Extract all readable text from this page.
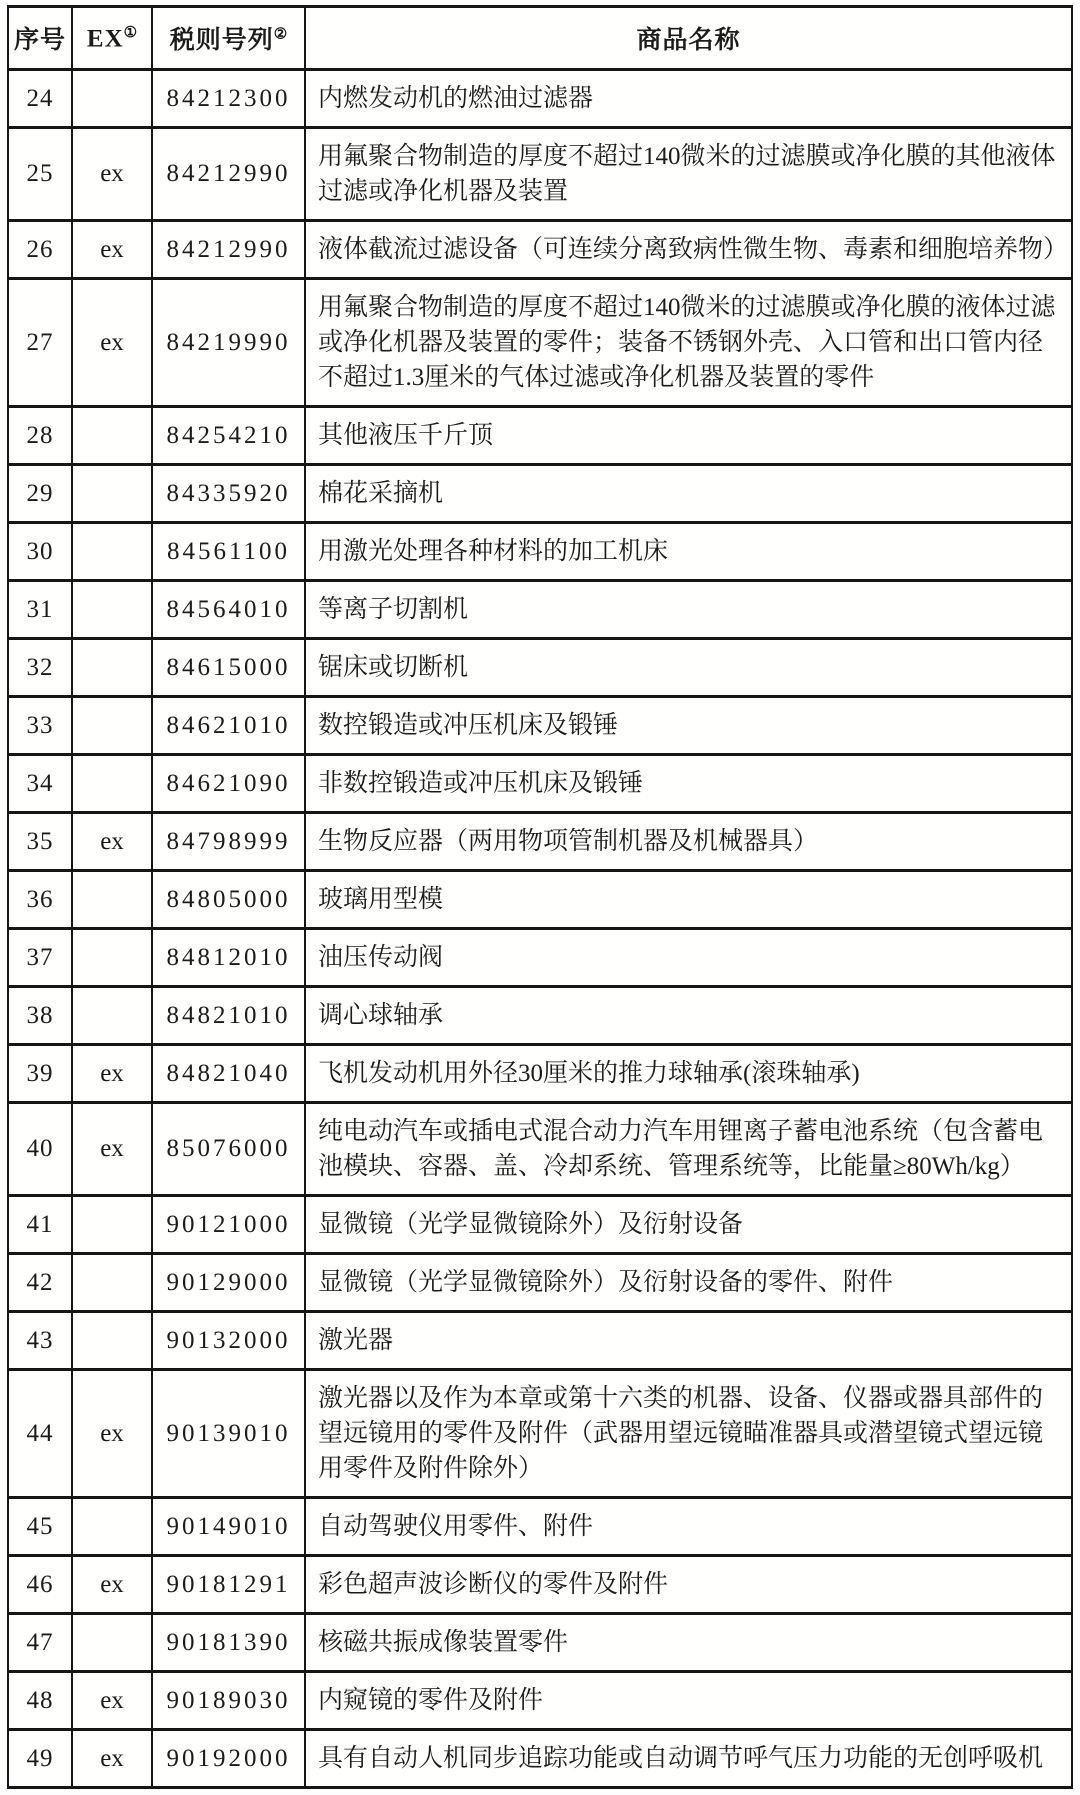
序号	EX①	税则号列②	商品名称
24		84212300	内燃发动机的燃油过滤器
25	ex	84212990	用氟聚合物制造的厚度不超过140微米的过滤膜或净化膜的其他液体过滤或净化机器及装置
26	ex	84212990	液体截流过滤设备（可连续分离致病性微生物、毒素和细胞培养物）
27	ex	84219990	用氟聚合物制造的厚度不超过140微米的过滤膜或净化膜的液体过滤或净化机器及装置的零件；装备不锈钢外壳、入口管和出口管内径不超过1.3厘米的气体过滤或净化机器及装置的零件
28		84254210	其他液压千斤顶
29		84335920	棉花采摘机
30		84561100	用激光处理各种材料的加工机床
31		84564010	等离子切割机
32		84615000	锯床或切断机
33		84621010	数控锻造或冲压机床及锻锤
34		84621090	非数控锻造或冲压机床及锻锤
35	ex	84798999	生物反应器（两用物项管制机器及机械器具）
36		84805000	玻璃用型模
37		84812010	油压传动阀
38		84821010	调心球轴承
39	ex	84821040	飞机发动机用外径30厘米的推力球轴承(滚珠轴承)
40	ex	85076000	纯电动汽车或插电式混合动力汽车用锂离子蓄电池系统（包含蓄电池模块、容器、盖、冷却系统、管理系统等，比能量≥80Wh/kg）
41		90121000	显微镜（光学显微镜除外）及衍射设备
42		90129000	显微镜（光学显微镜除外）及衍射设备的零件、附件
43		90132000	激光器
44	ex	90139010	激光器以及作为本章或第十六类的机器、设备、仪器或器具部件的望远镜用的零件及附件（武器用望远镜瞄准器具或潜望镜式望远镜用零件及附件除外）
45		90149010	自动驾驶仪用零件、附件
46	ex	90181291	彩色超声波诊断仪的零件及附件
47		90181390	核磁共振成像装置零件
48	ex	90189030	内窥镜的零件及附件
49	ex	90192000	具有自动人机同步追踪功能或自动调节呼气压力功能的无创呼吸机
